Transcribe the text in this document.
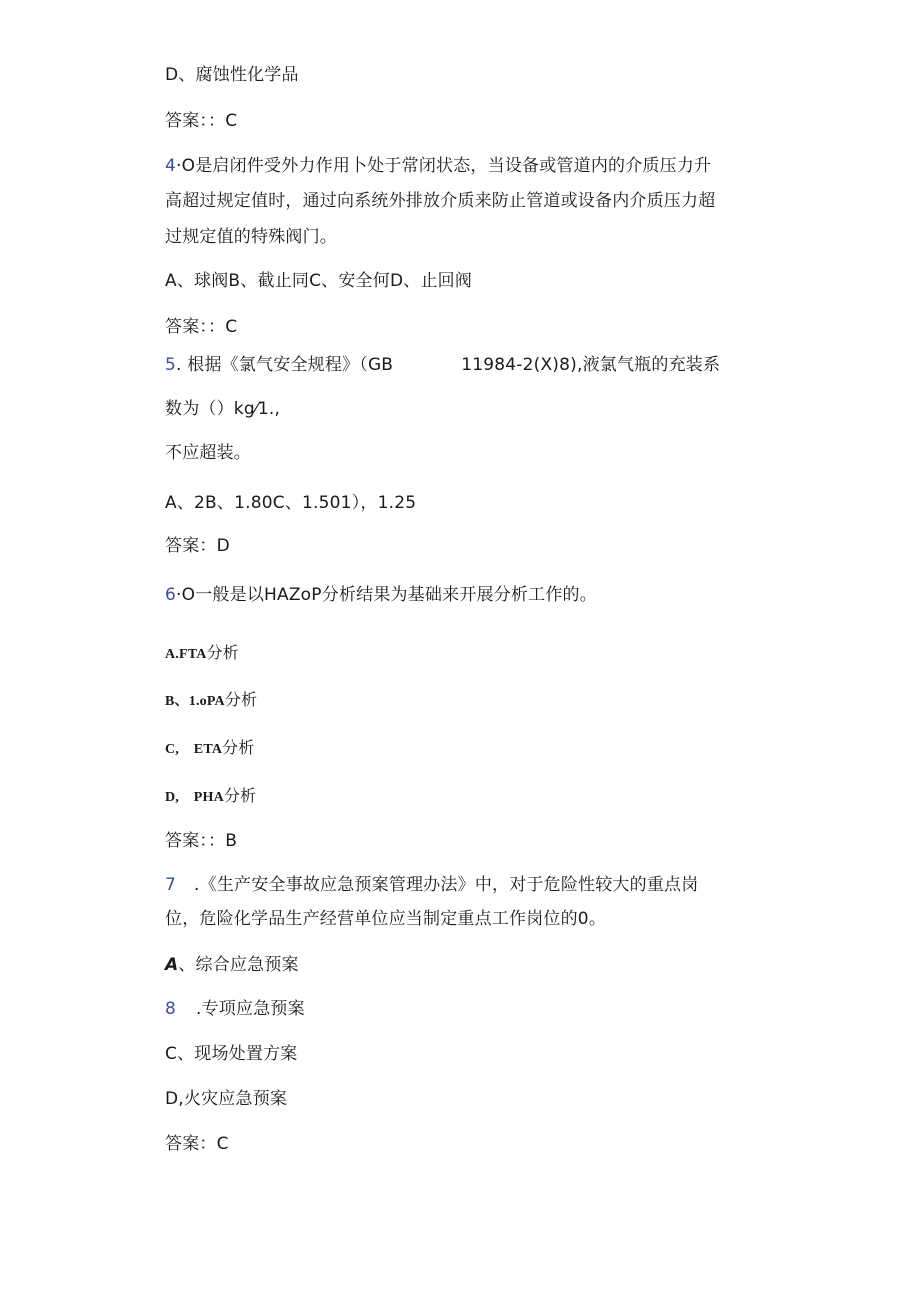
D、腐蚀性化学品
答案：：C
4·O是启闭件受外力作用卜处于常闭状态，当设备或管道内的介质压力升
高超过规定值时，通过向系统外排放介质来防止管道或设备内介质压力超
过规定值的特殊阀门。
A、球阀B、截止同C、安全何D、止回阀
答案：：C
5. 根据《氯气安全规程》（GB	11984-2(X)8),液氯气瓶的充装系
数为（）kg⁄1.,
不应超装。
A、2B、1.80C、1.501），1.25
答案：D
6·O一般是以HAZoP分析结果为基础来开展分析工作的。
A.FTA分析
B、1.oPA分析
C,    ETA分析
D,    PHA分析
答案：：B
7 .《生产安全事故应急预案管理办法》中，对于危险性较大的重点岗
位，危险化学品生产经营单位应当制定重点工作岗位的0。
A、综合应急预案
8 .专项应急预案
C、现场处置方案
D,火灾应急预案
答案：C
